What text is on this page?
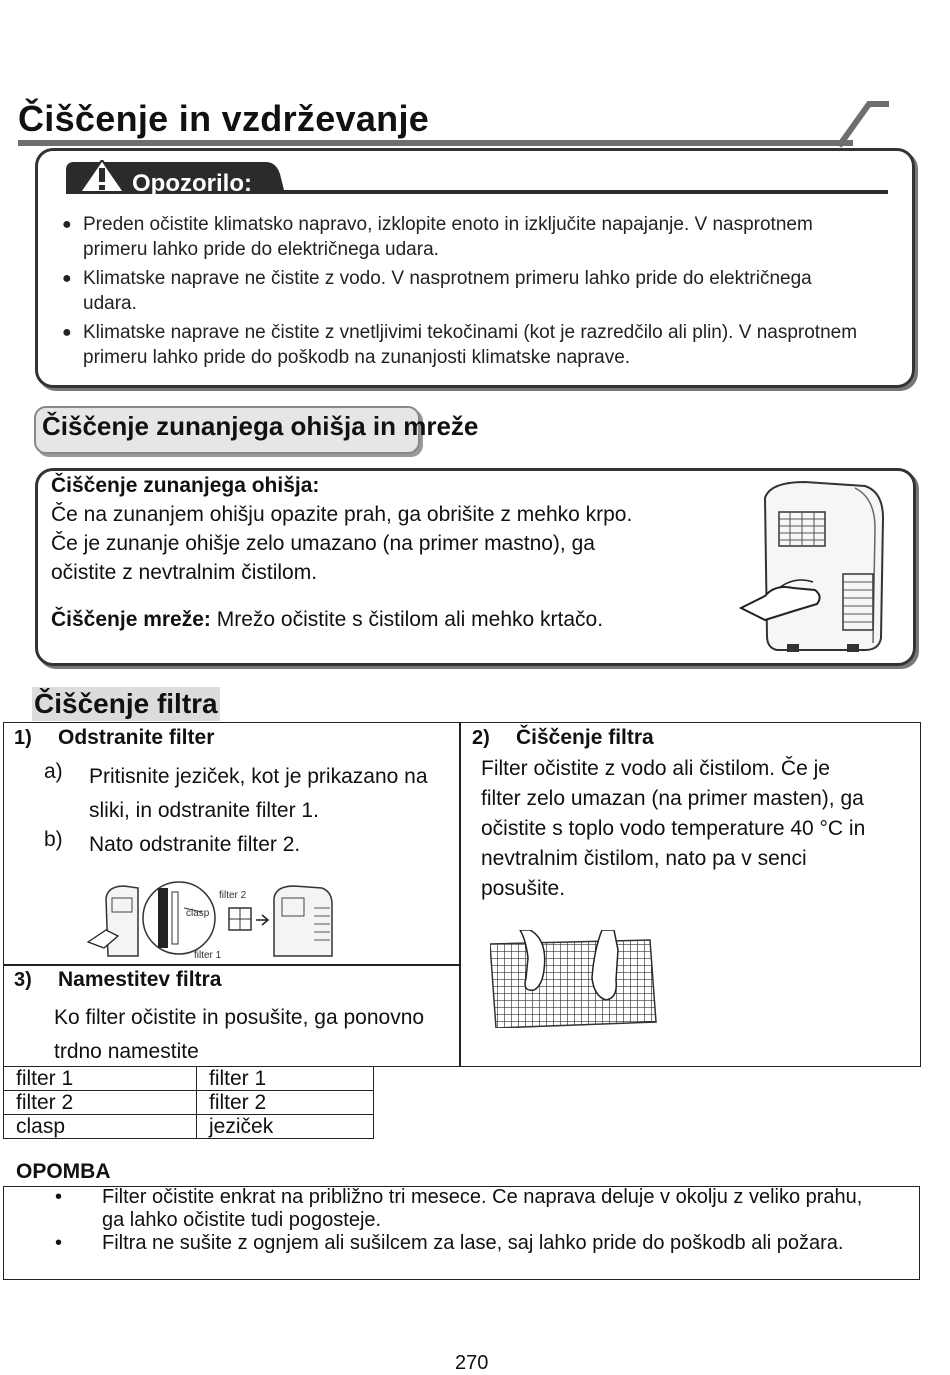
Čiščenje in vzdrževanje

Opozorilo:

● Preden očistite klimatsko napravo, izklopite enoto in izključite napajanje. V nasprotnem primeru lahko pride do električnega udara.
● Klimatske naprave ne čistite z vodo. V nasprotnem primeru lahko pride do električnega udara.
● Klimatske naprave ne čistite z vnetljivimi tekočinami (kot je razredčilo ali plin). V nasprotnem primeru lahko pride do poškodb na zunanjosti klimatske naprave.
Čiščenje zunanjega ohišja in mreže

Čiščenje zunanjega ohišja:

Če na zunanjem ohišju opazite prah, ga obrišite z mehko krpo.

Če je zunanje ohišje zelo umazano (na primer mastno), ga

očistite z nevtralnim čistilom.

Čiščenje mreže: Mrežo očistite s čistilom ali mehko krtačo.

Čiščenje filtra

1) Odstranite filter

a) Pritisnite jeziček, kot je prikazano na sliki, in odstranite filter 1.

b) Nato odstranite filter 2.

clasp
filter 2
filter 1

2) Čiščenje filtra

Filter očistite z vodo ali čistilom. Če je filter zelo umazan (na primer masten), ga očistite s toplo vodo temperature 40 °C in nevtralnim čistilom, nato pa v senci posušite.

3) Namestitev filtra

Ko filter očistite in posušite, ga ponovno trdno namestite

filter 1	filter 1
filter 2	filter 2
clasp	jeziček

OPOMBA

• Filter očistite enkrat na približno tri mesece. Ce naprava deluje v okolju z veliko prahu, ga lahko očistite tudi pogosteje.
• Filtra ne sušite z ognjem ali sušilcem za lase, saj lahko pride do poškodb ali požara.

270
